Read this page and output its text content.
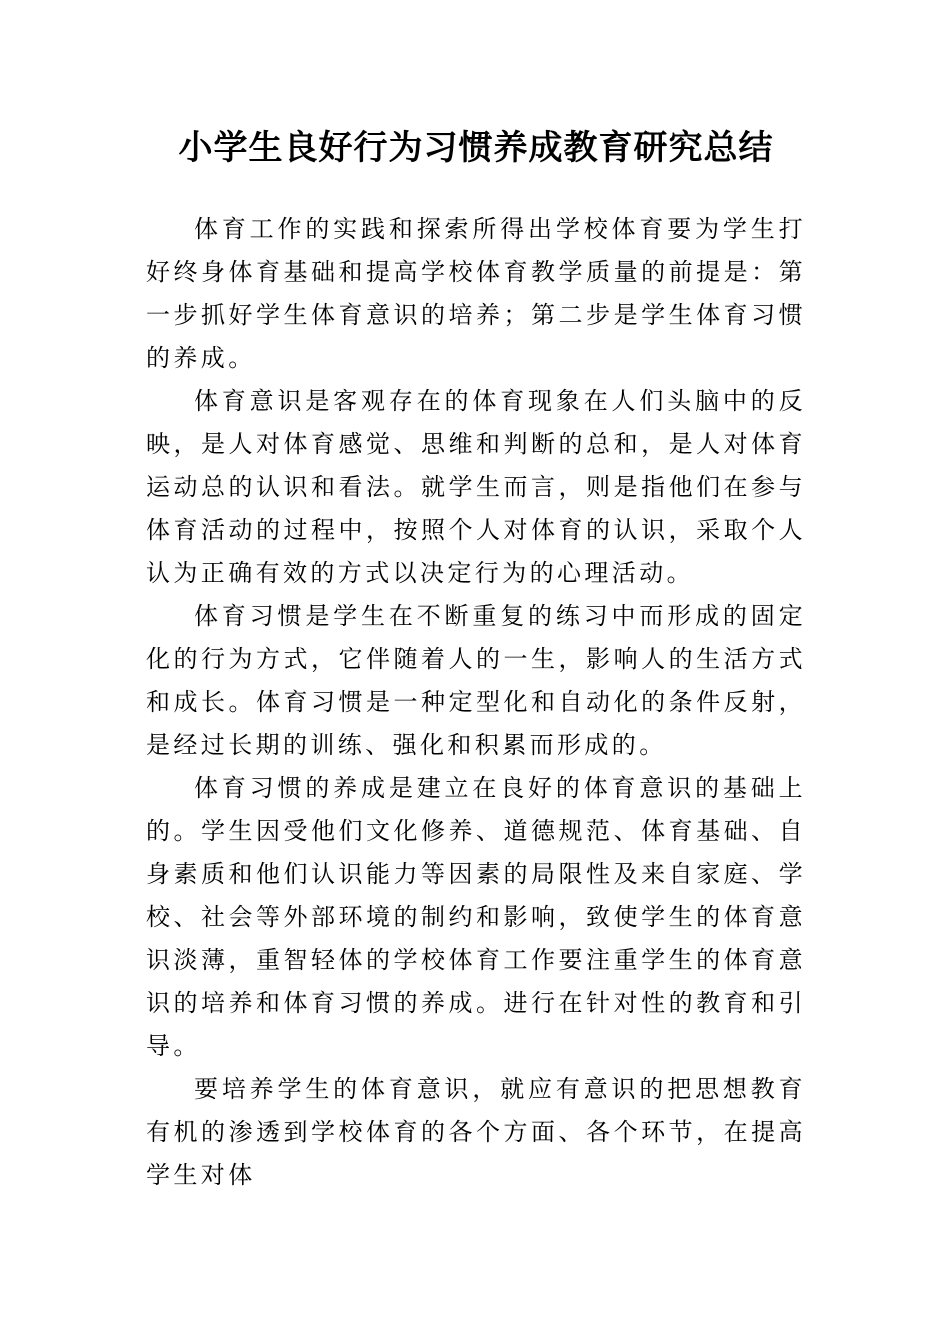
小学生良好行为习惯养成教育研究总结

体育工作的实践和探索所得出学校体育要为学生打好终身体育基础和提高学校体育教学质量的前提是：第一步抓好学生体育意识的培养；第二步是学生体育习惯的养成。

体育意识是客观存在的体育现象在人们头脑中的反映，是人对体育感觉、思维和判断的总和，是人对体育运动总的认识和看法。就学生而言，则是指他们在参与体育活动的过程中，按照个人对体育的认识，采取个人认为正确有效的方式以决定行为的心理活动。

体育习惯是学生在不断重复的练习中而形成的固定化的行为方式，它伴随着人的一生，影响人的生活方式和成长。体育习惯是一种定型化和自动化的条件反射，是经过长期的训练、强化和积累而形成的。

体育习惯的养成是建立在良好的体育意识的基础上的。学生因受他们文化修养、道德规范、体育基础、自身素质和他们认识能力等因素的局限性及来自家庭、学校、社会等外部环境的制约和影响，致使学生的体育意识淡薄，重智轻体的学校体育工作要注重学生的体育意识的培养和体育习惯的养成。进行在针对性的教育和引导。

要培养学生的体育意识，就应有意识的把思想教育有机的渗透到学校体育的各个方面、各个环节，在提高学生对体
